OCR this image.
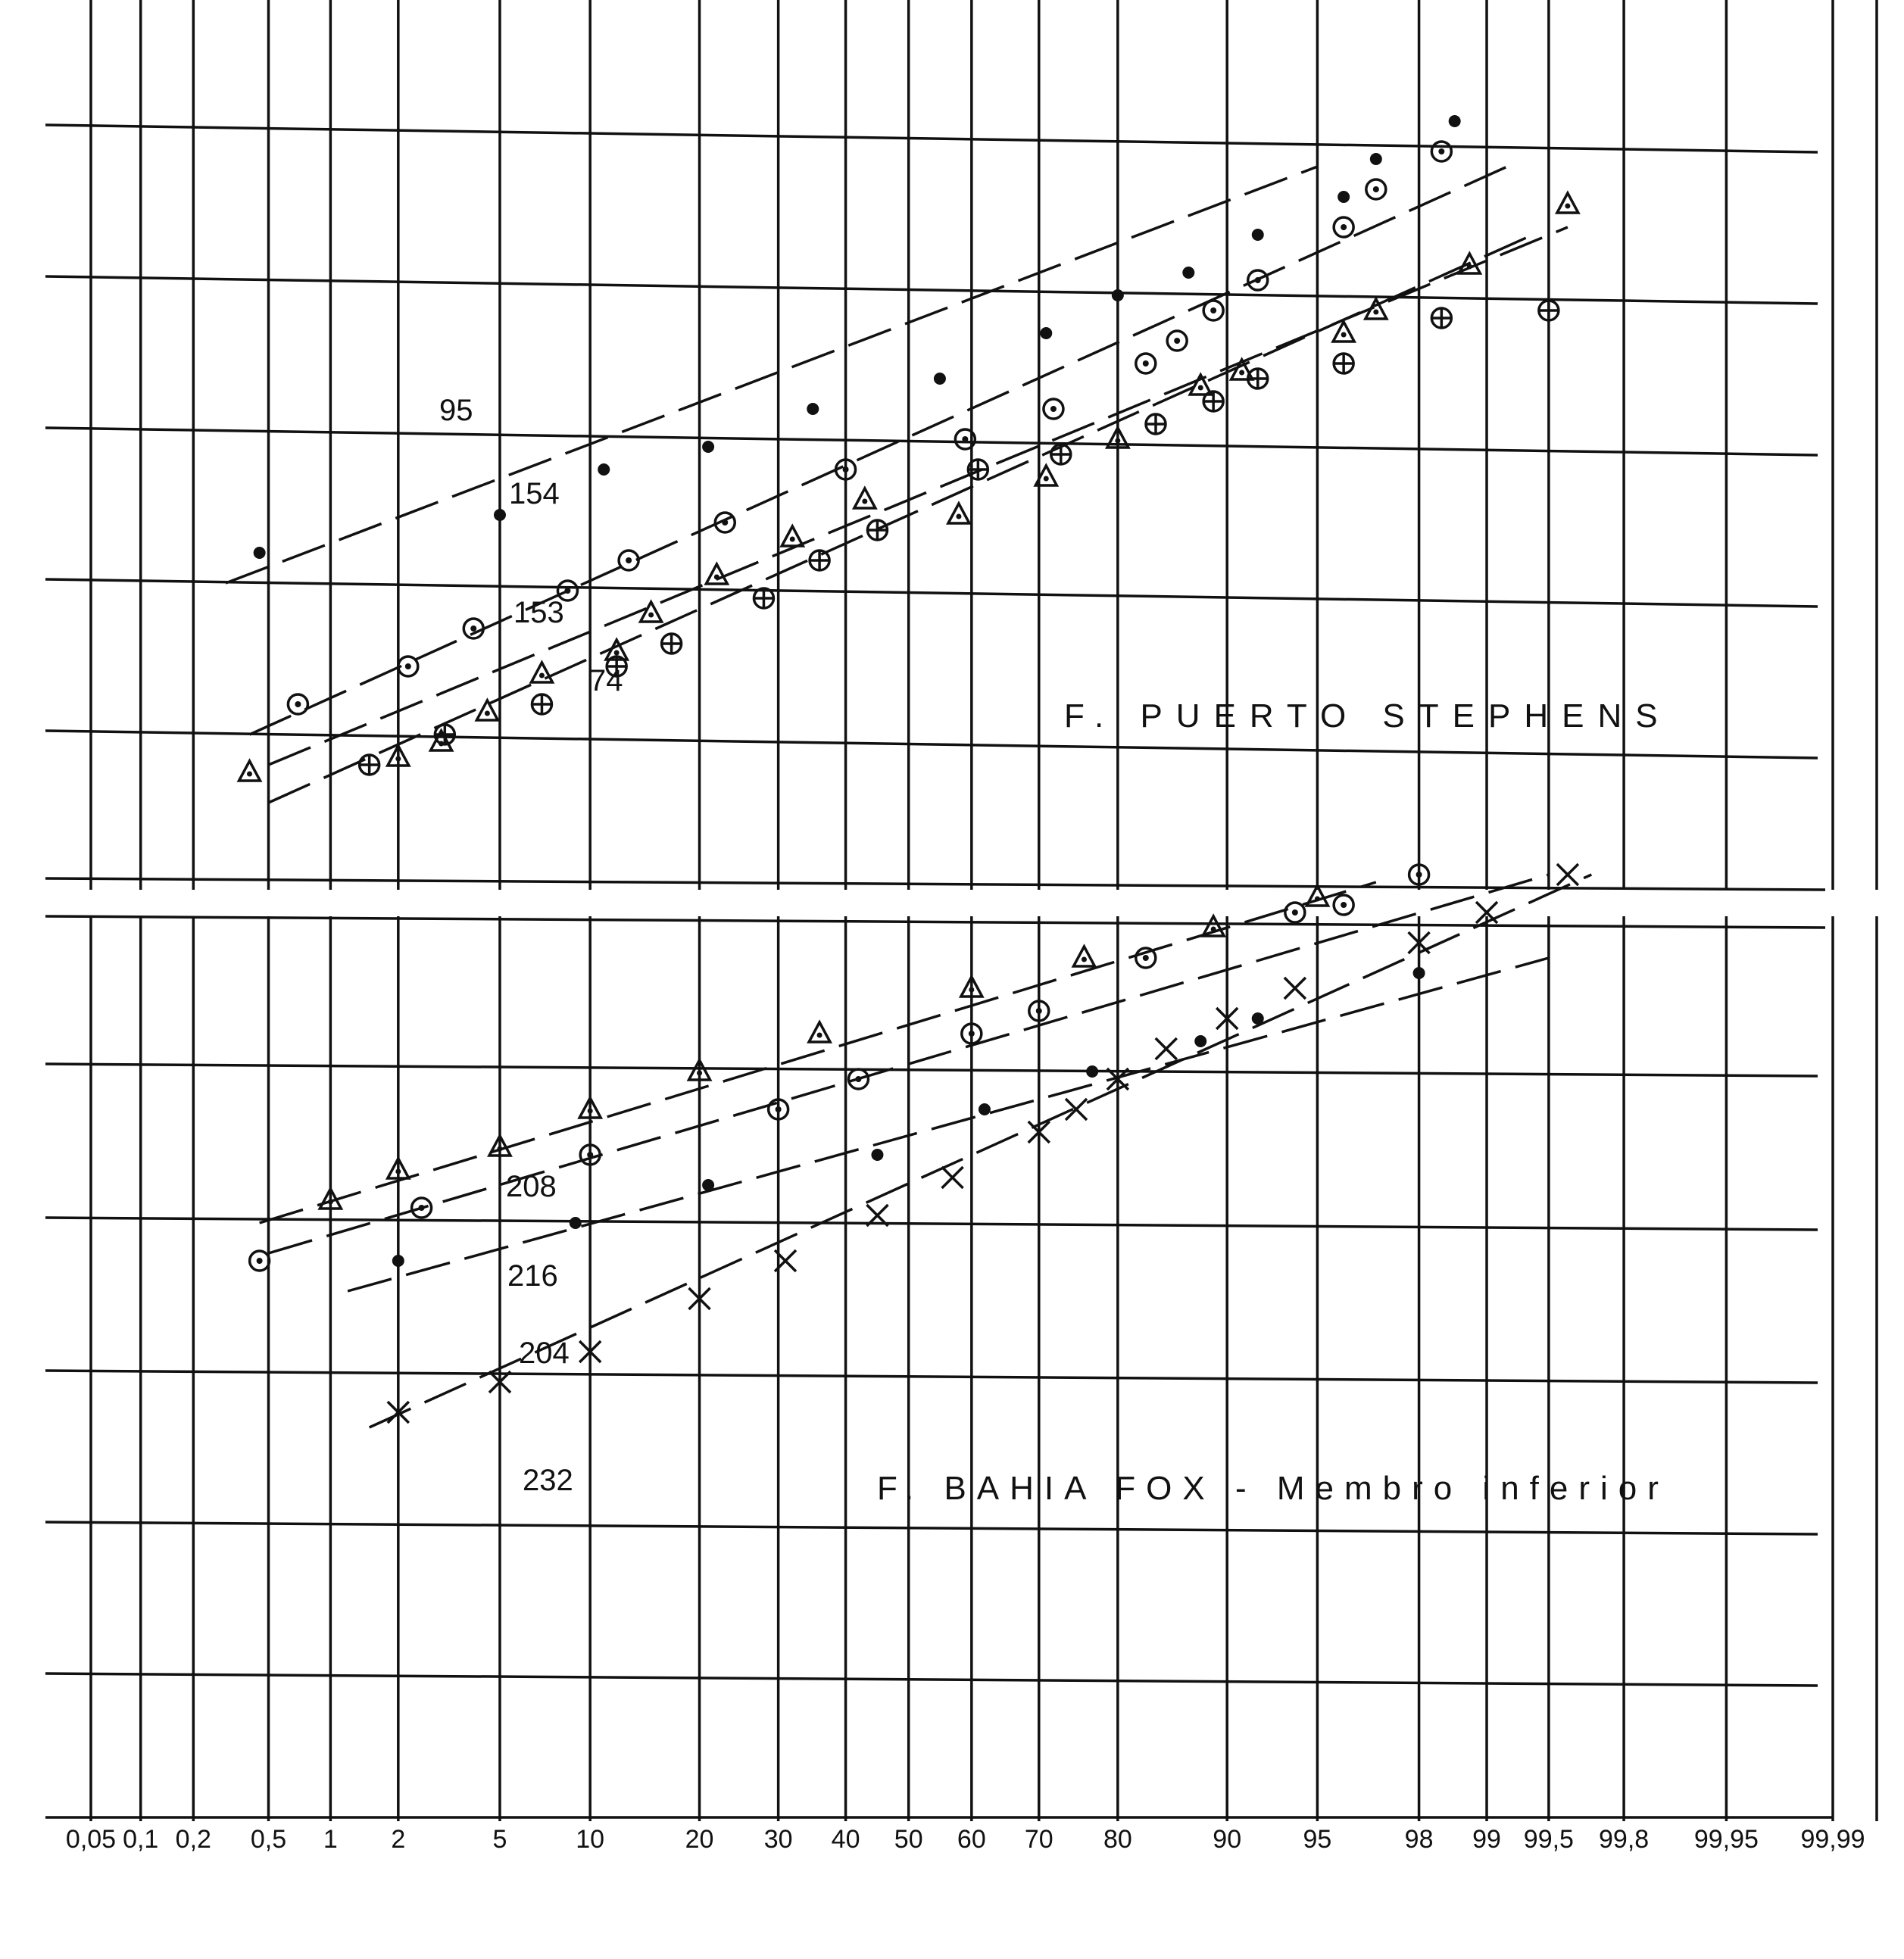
0,05 0,1 0,2 0,5 1 2	5	10	20 30 40 50 60 70 80	90 95	98 99 99,5 99,8 99,95 99,99
95
154
153
74
F. PUERTO STEPHENS
208
216
204
232	F. BAHIA FOX - Membro inferior
